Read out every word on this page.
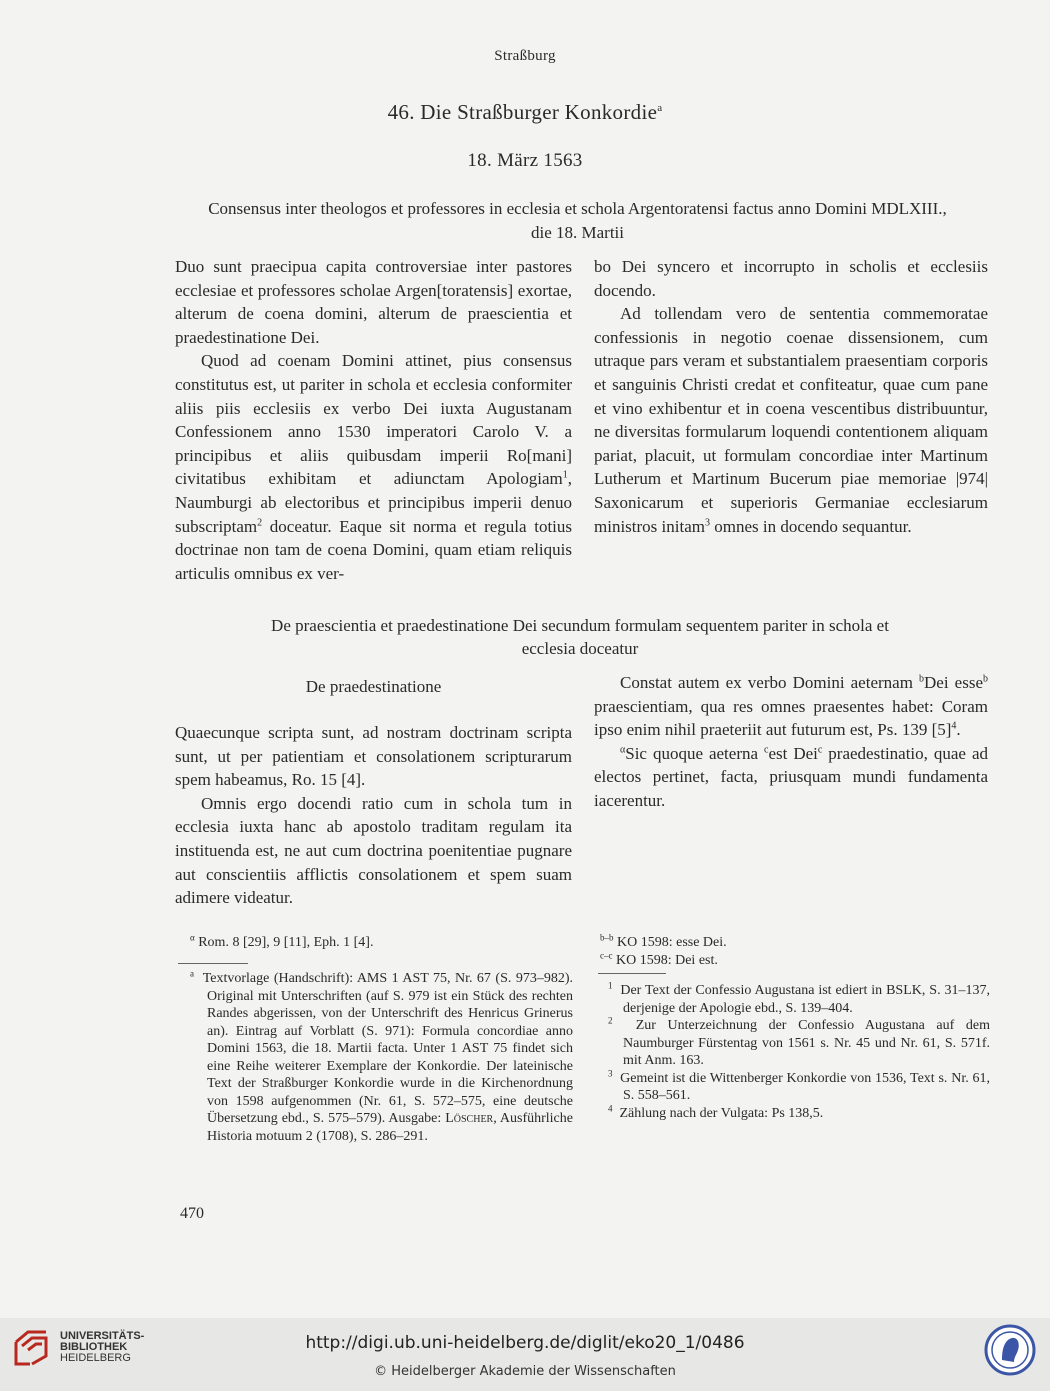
Straßburg
46. Die Straßburger Konkordie$^a$
18. März 1563
Consensus inter theologos et professores in ecclesia et schola Argentoratensi factus anno Domini MDLXIII., die 18. Martii

Duo sunt praecipua capita controversiae inter pastores ecclesiae et professores scholae Argen[toratensis] exortae, alterum de coena domini, alterum de praescientia et praedestinatione Dei.

Quod ad coenam Domini attinet, pius consensus constitutus est, ut pariter in schola et ecclesia conformiter aliis piis ecclesiis ex verbo Dei iuxta Augustanam Confessionem anno 1530 imperatori Carolo V. a principibus et aliis quibusdam imperii Ro[mani] civitatibus exhibitam et adiunctam Apologiam$^1$, Naumburgi ab electoribus et principibus imperii denuo subscriptam$^2$ doceatur. Eaque sit norma et regula totius doctrinae non tam de coena Domini, quam etiam reliquis articulis omnibus ex ver-

bo Dei syncero et incorrupto in scholis et ecclesiis docendo.

Ad tollendam vero de sententia commemoratae confessionis in negotio coenae dissensionem, cum utraque pars veram et substantialem praesentiam corporis et sanguinis Christi credat et confiteatur, quae cum pane et vino exhibentur et in coena vescentibus distribuuntur, ne diversitas formularum loquendi contentionem aliquam pariat, placuit, ut formulam concordiae inter Martinum Lutherum et Martinum Bucerum piae memoriae |974| Saxonicarum et superioris Germaniae ecclesiarum ministros initam$^3$ omnes in docendo sequantur.

De praescientia et praedestinatione Dei secundum formulam sequentem pariter in schola et ecclesia doceatur
De praedestinatione

Quaecunque scripta sunt, ad nostram doctrinam scripta sunt, ut per patientiam et consolationem scripturarum spem habeamus, Ro. 15 [4].

Omnis ergo docendi ratio cum in schola tum in ecclesia iuxta hanc ab apostolo traditam regulam ita instituenda est, ne aut cum doctrina poenitentiae pugnare aut conscientiis afflictis consolationem et spem suam adimere videatur.

Constat autem ex verbo Domini aeternam $^b$Dei esse$^b$ praescientiam, qua res omnes praesentes habet: Coram ipso enim nihil praeteriit aut futurum est, Ps. 139 $[5]^4$.

$^\alpha$Sic quoque aeterna $^c$est Dei$^c$ praedestinatio, quae ad electos pertinet, facta, priusquam mundi fundamenta iacerentur.

$^\alpha$ Rom. 8 [29], 9 [11], Eph. 1 [4].

$^a$ Textvorlage (Handschrift): AMS 1 AST 75, Nr. 67 (S. 973–982). Original mit Unterschriften (auf S. 979 ist ein Stück des rechten Randes abgerissen, von der Unterschrift des Henricus Grinerus an). Eintrag auf Vorblatt (S. 971): Formula concordiae anno Domini 1563, die 18. Martii facta. Unter 1 AST 75 findet sich eine Reihe weiterer Exemplare der Konkordie. Der lateinische Text der Straßburger Konkordie wurde in die Kirchenordnung von 1598 aufgenommen (Nr. 61, S. 572–575, eine deutsche Übersetzung ebd., S. 575–579). Ausgabe: Löscher, Ausführliche Historia motuum 2 (1708), S. 286–291.

$^{b-b}$ KO 1598: esse Dei.

$^{c-c}$ KO 1598: Dei est.

$^1$ Der Text der Confessio Augustana ist ediert in BSLK, S. 31–137, derjenige der Apologie ebd., S. 139–404.

$^2$ Zur Unterzeichnung der Confessio Augustana auf dem Naumburger Fürstentag von 1561 s. Nr. 45 und Nr. 61, S. 571f. mit Anm. 163.

$^3$ Gemeint ist die Wittenberger Konkordie von 1536, Text s. Nr. 61, S. 558–561.

$^4$ Zählung nach der Vulgata: Ps 138,5.

470
UNIVERSITÄTS-
BIBLIOTHEK
HEIDELBERG
http://digi.ub.uni-heidelberg.de/diglit/eko20_1/0486
© Heidelberger Akademie der Wissenschaften
